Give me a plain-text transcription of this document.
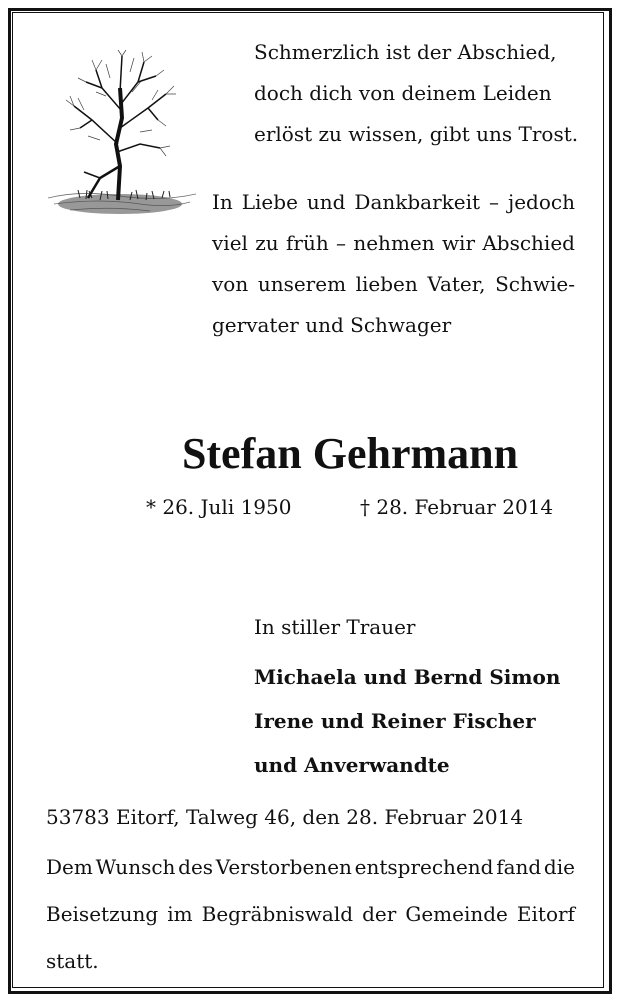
Schmerzlich ist der Abschied,
doch dich von deinem Leiden
erlöst zu wissen, gibt uns Trost.
In Liebe und Dankbarkeit – jedoch
viel zu früh – nehmen wir Abschied
von unserem lieben Vater, Schwie-
gervater und Schwager
Stefan Gehrmann
* 26. Juli 1950	† 28. Februar 2014
In stiller Trauer
Michaela und Bernd Simon
Irene und Reiner Fischer
und Anverwandte
53783 Eitorf, Talweg 46, den 28. Februar 2014
Dem Wunsch des Verstorbenen entsprechend fand die
Beisetzung im Begräbniswald der Gemeinde Eitorf
statt.
